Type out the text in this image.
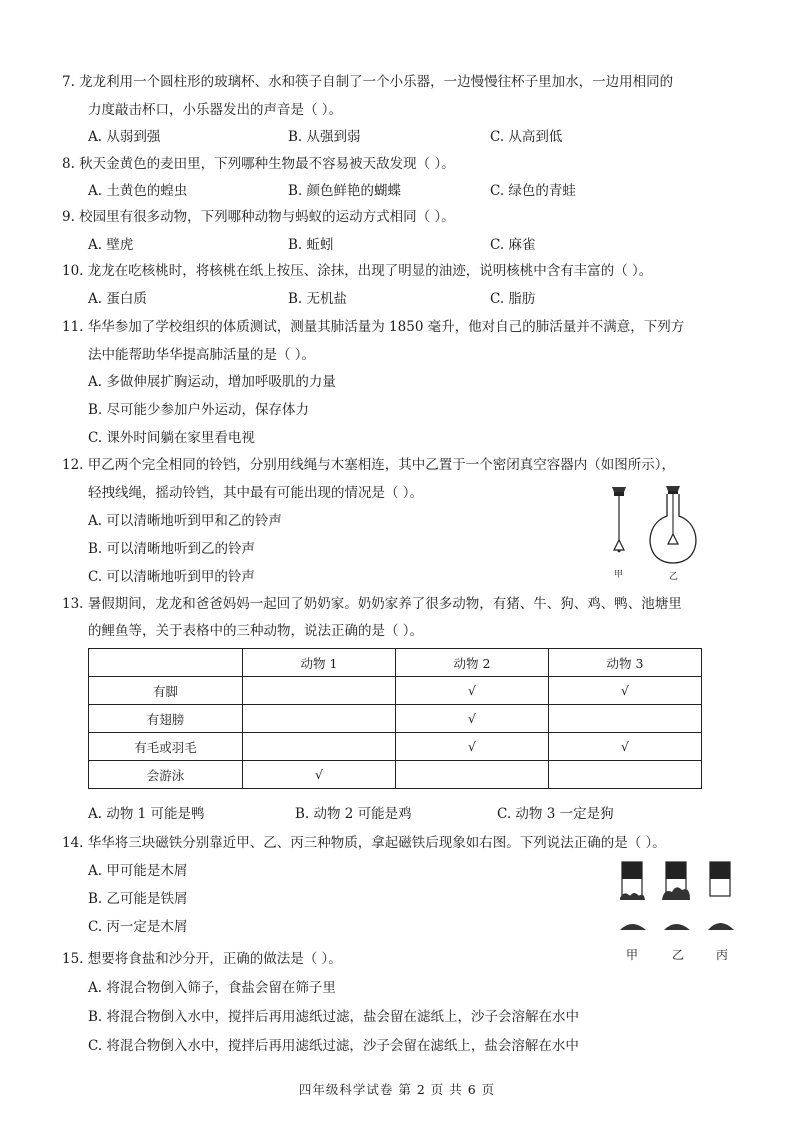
7. 龙龙利用一个圆柱形的玻璃杯、水和筷子自制了一个小乐器，一边慢慢往杯子里加水，一边用相同的
力度敲击杯口，小乐器发出的声音是（ ）。
A. 从弱到强	B. 从强到弱	C. 从高到低
8. 秋天金黄色的麦田里，下列哪种生物最不容易被天敌发现（ ）。
A. 土黄色的蝗虫	B. 颜色鲜艳的蝴蝶	C. 绿色的青蛙
9. 校园里有很多动物，下列哪种动物与蚂蚁的运动方式相同（ ）。
A. 壁虎	B. 蚯蚓	C. 麻雀
10. 龙龙在吃核桃时，将核桃在纸上按压、涂抹，出现了明显的油迹，说明核桃中含有丰富的（ ）。
A. 蛋白质	B. 无机盐	C. 脂肪
11. 华华参加了学校组织的体质测试，测量其肺活量为 1850 毫升，他对自己的肺活量并不满意，下列方
法中能帮助华华提高肺活量的是（ ）。
A. 多做伸展扩胸运动，增加呼吸肌的力量
B. 尽可能少参加户外运动，保存体力
C. 课外时间躺在家里看电视
12. 甲乙两个完全相同的铃铛，分别用线绳与木塞相连，其中乙置于一个密闭真空容器内（如图所示），
轻拽线绳，摇动铃铛，其中最有可能出现的情况是（ ）。
A. 可以清晰地听到甲和乙的铃声
B. 可以清晰地听到乙的铃声
C. 可以清晰地听到甲的铃声	甲	乙
13. 暑假期间，龙龙和爸爸妈妈一起回了奶奶家。奶奶家养了很多动物，有猪、牛、狗、鸡、鸭、池塘里
的鲤鱼等，关于表格中的三种动物，说法正确的是（ ）。
	动物 1	动物 2	动物 3
有脚		√	√
有翅膀		√	
有毛或羽毛		√	√
会游泳	√		
A. 动物 1 可能是鸭	B. 动物 2 可能是鸡	C. 动物 3 一定是狗
14. 华华将三块磁铁分别靠近甲、乙、丙三种物质，拿起磁铁后现象如右图。下列说法正确的是（ ）。
A. 甲可能是木屑
B. 乙可能是铁屑
C. 丙一定是木屑
甲	乙	丙
15. 想要将食盐和沙分开，正确的做法是（ ）。
A. 将混合物倒入筛子，食盐会留在筛子里
B. 将混合物倒入水中，搅拌后再用滤纸过滤，盐会留在滤纸上，沙子会溶解在水中
C. 将混合物倒入水中，搅拌后再用滤纸过滤，沙子会留在滤纸上，盐会溶解在水中
四年级科学试卷 第 2 页 共 6 页
